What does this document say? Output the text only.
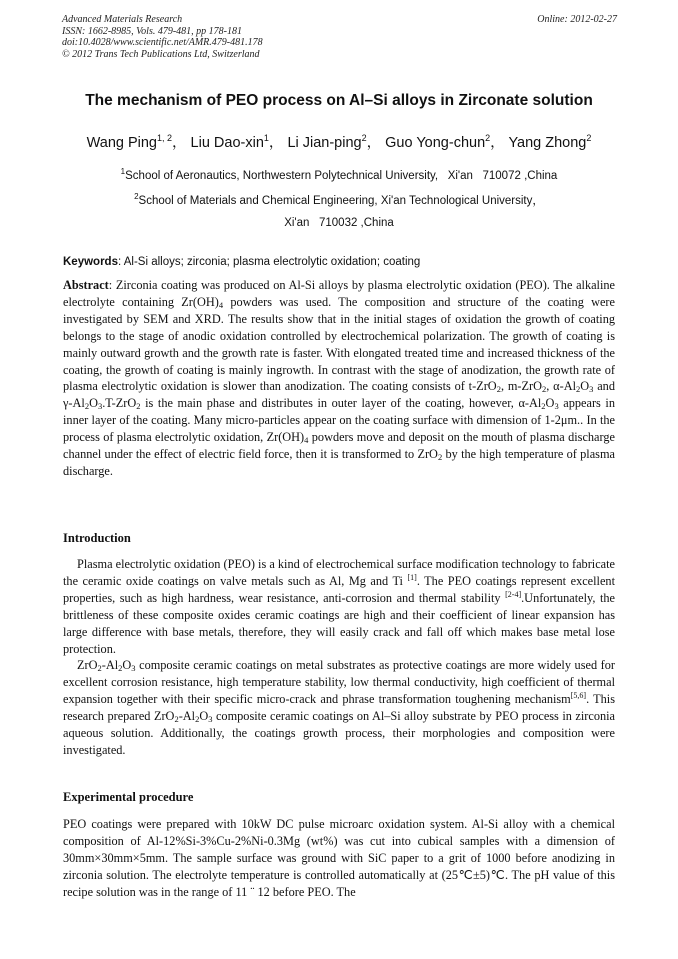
Advanced Materials Research
ISSN: 1662-8985, Vols. 479-481, pp 178-181
doi:10.4028/www.scientific.net/AMR.479-481.178
© 2012 Trans Tech Publications Ltd, Switzerland
Online: 2012-02-27
The mechanism of PEO process on Al–Si alloys in Zirconate solution
Wang Ping$^{1, 2}$， Liu Dao-xin$^1$， Li Jian-ping$^2$， Guo Yong-chun$^2$， Yang Zhong$^2$
$^1$School of Aeronautics, Northwestern Polytechnical University,   Xi'an   710072 ,China
$^2$School of Materials and Chemical Engineering, Xi'an Technological University，
Xi'an   710032 ,China
Keywords: Al-Si alloys; zirconia; plasma electrolytic oxidation; coating
Abstract: Zirconia coating was produced on Al-Si alloys by plasma electrolytic oxidation (PEO). The alkaline electrolyte containing $Zr(OH)_4$ powders was used. The composition and structure of the coating were investigated by SEM and XRD. The results show that in the initial stages of oxidation the growth of coating belongs to the stage of anodic oxidation controlled by electrochemical polarization. The growth of coating is mainly outward growth and the growth rate is faster. With elongated treated time and increased thickness of the coating, the growth of coating is mainly ingrowth. In contrast with the stage of anodization, the growth rate of plasma electrolytic oxidation is slower than anodization. The coating consists of t-ZrO$_2$, m-ZrO$_2$, $\alpha-Al_2O_3$ and $\gamma-Al_2O_3.T-ZrO_2$ is the main phase and distributes in outer layer of the coating, however, $\alpha-Al_2O_3$ appears in inner layer of the coating. Many micro-particles appear on the coating surface with dimension of 1-2μm.. In the process of plasma electrolytic oxidation, $Zr(OH)_4$ powders move and deposit on the mouth of plasma discharge channel under the effect of electric field force, then it is transformed to ZrO$_2$ by the high temperature of plasma discharge.
Introduction
Plasma electrolytic oxidation (PEO) is a kind of electrochemical surface modification technology to fabricate the ceramic oxide coatings on valve metals such as Al, Mg and Ti [1]. The PEO coatings represent excellent properties, such as high hardness, wear resistance, anti-corrosion and thermal stability [2-4].Unfortunately, the brittleness of these composite oxides ceramic coatings are high and their coefficient of linear expansion has large difference with base metals, therefore, they will easily crack and fall off which makes base metal lose protection.
$ZrO_2-Al_2O_3$ composite ceramic coatings on metal substrates as protective coatings are more widely used for excellent corrosion resistance, high temperature stability, low thermal conductivity, high coefficient of thermal expansion together with their specific micro-crack and phrase transformation toughening mechanism[5,6]. This research prepared $ZrO_2-Al_2O_3$ composite ceramic coatings on Al–Si alloy substrate by PEO process in zirconia aqueous solution. Additionally, the coatings growth process, their morphologies and composition were investigated.
Experimental procedure
PEO coatings were prepared with 10kW DC pulse microarc oxidation system. Al-Si alloy with a chemical composition of Al-12%Si-3%Cu-2%Ni-0.3Mg (wt%) was cut into cubical samples with a dimension of 30mm×30mm×5mm. The sample surface was ground with SiC paper to a grit of 1000 before anodizing in zirconia solution. The electrolyte temperature is controlled automatically at (25℃±5)℃. The pH value of this recipe solution was in the range of 11 ¨ 12 before PEO. The
